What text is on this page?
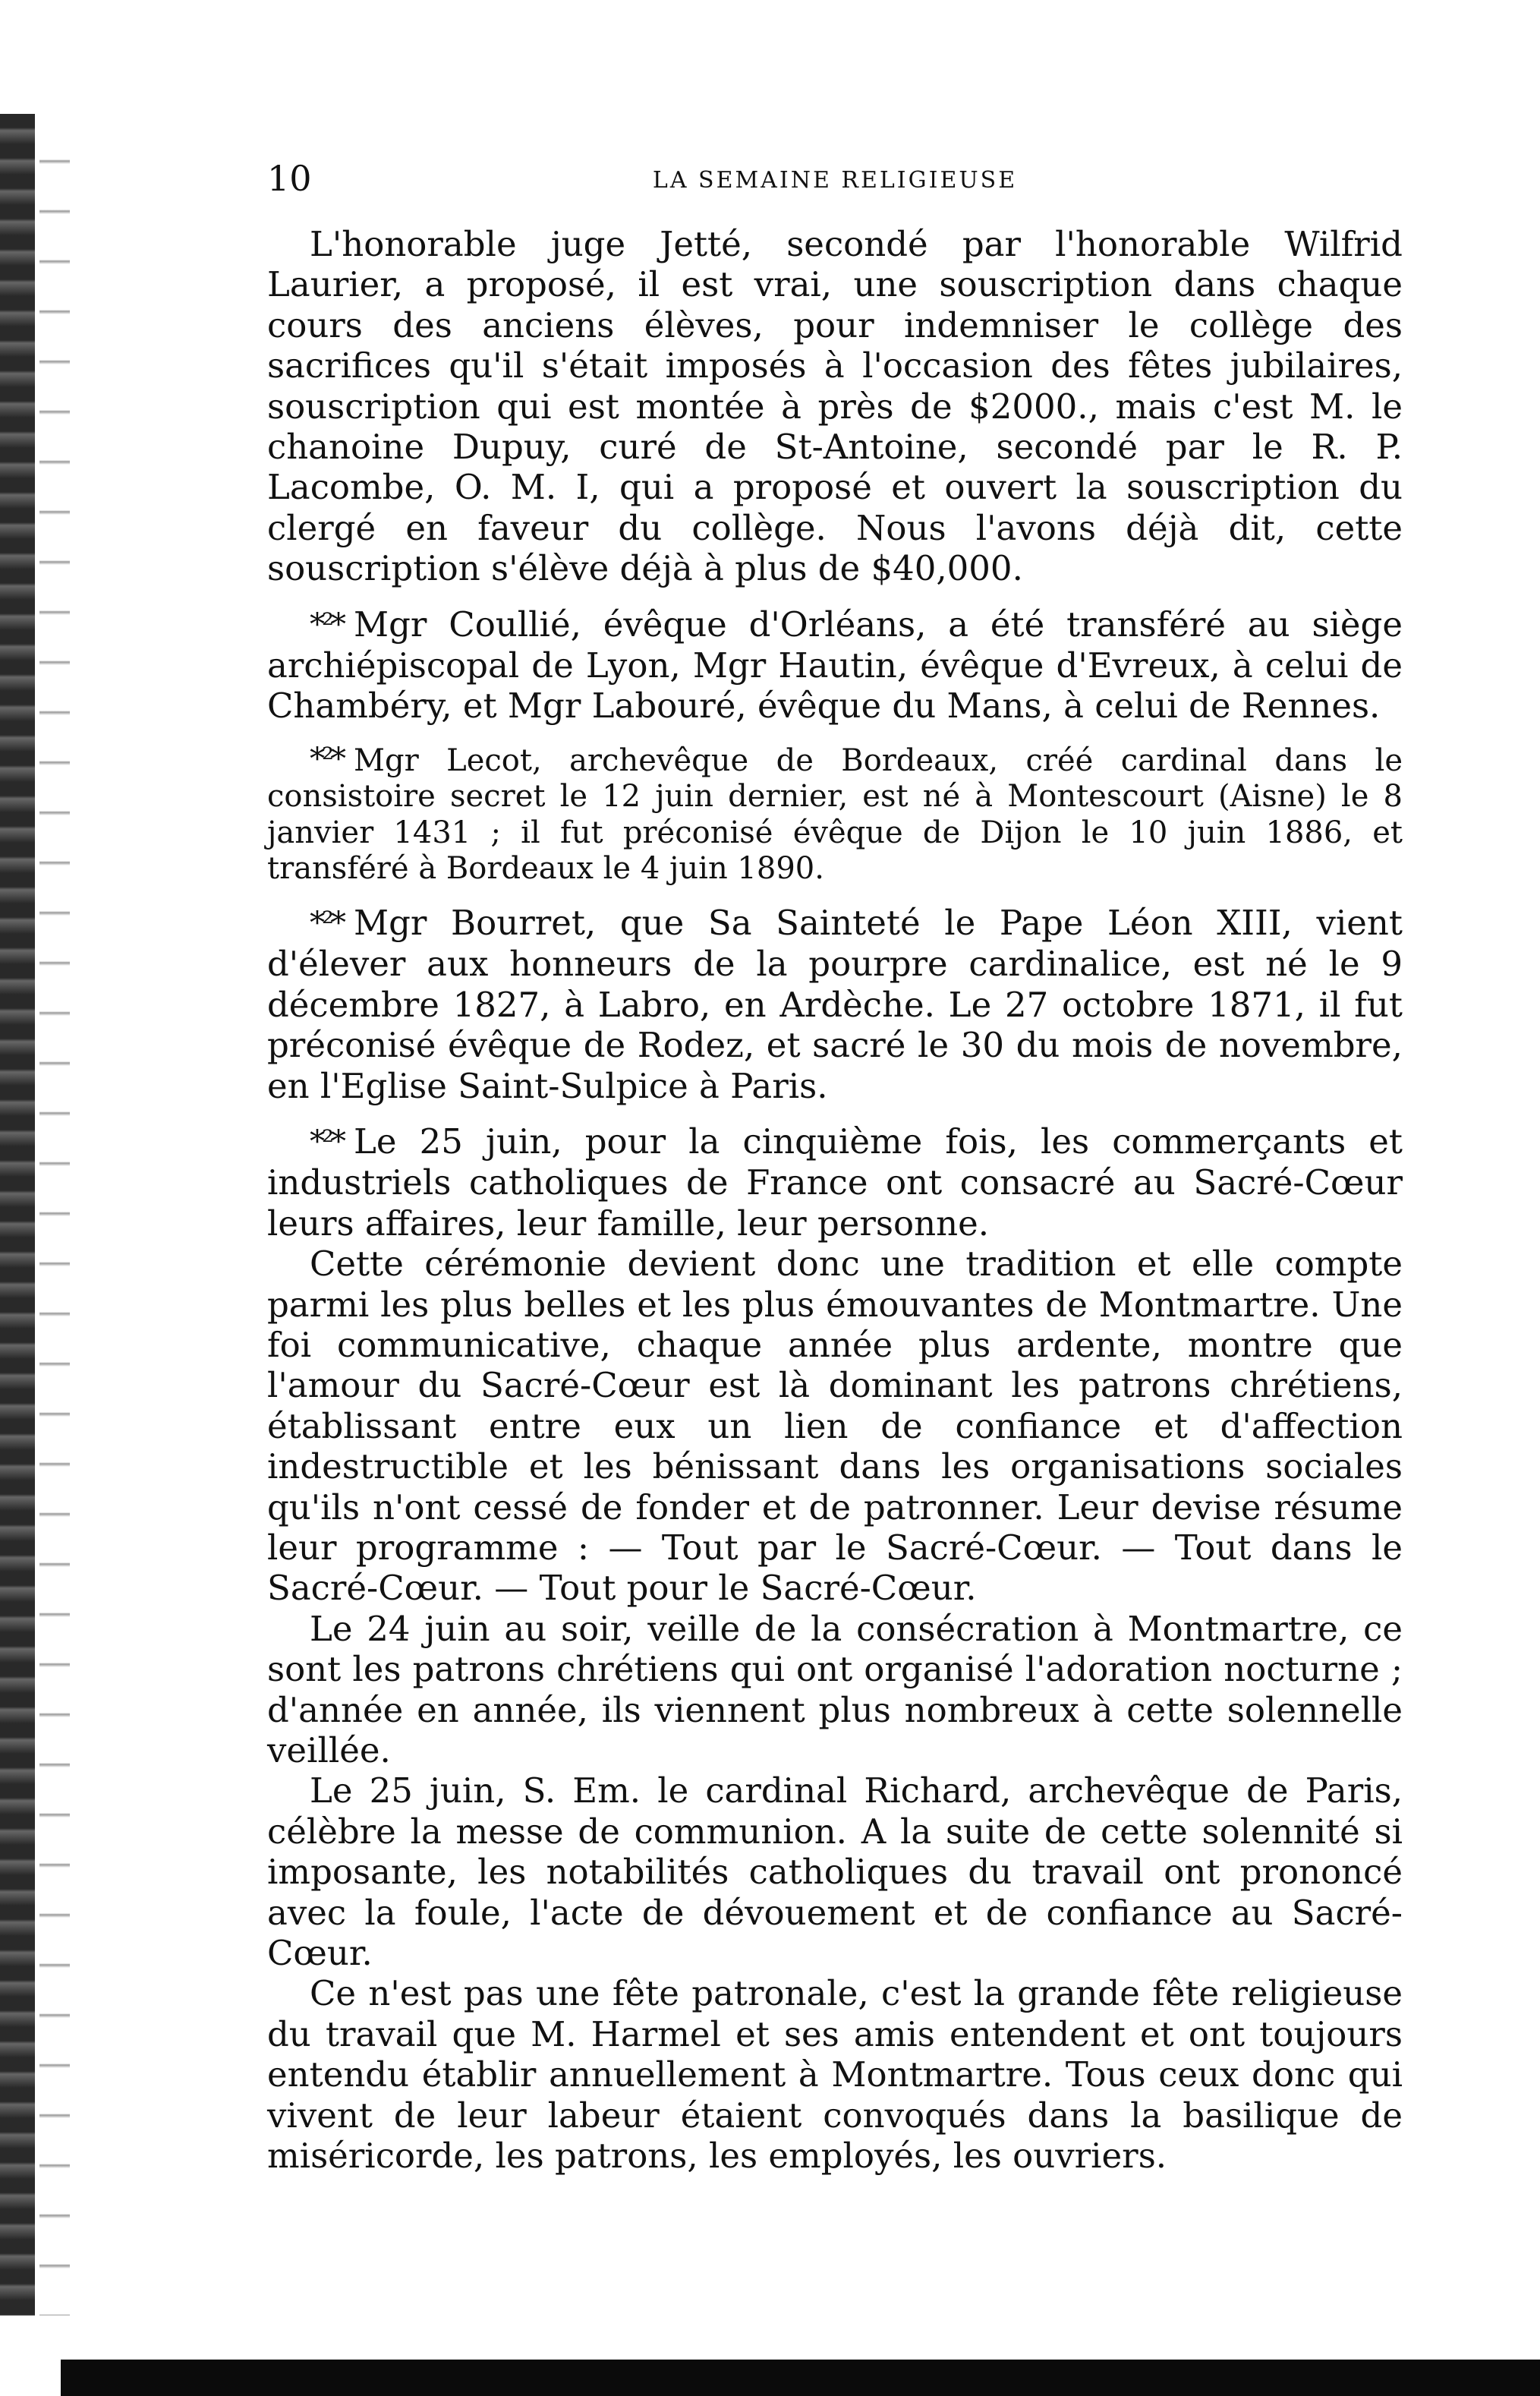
10	LA SEMAINE RELIGIEUSE

L'honorable juge Jetté, secondé par l'honorable Wilfrid Laurier, a proposé, il est vrai, une souscription dans chaque cours des anciens élèves, pour indemniser le collège des sacrifices qu'il s'était imposés à l'occasion des fêtes jubilaires, souscription qui est montée à près de $2000., mais c'est M. le chanoine Dupuy, curé de St-Antoine, secondé par le R. P. Lacombe, O. M. I, qui a proposé et ouvert la souscription du clergé en faveur du collège. Nous l'avons déjà dit, cette souscription s'élève déjà à plus de $40,000.

*²* Mgr Coullié, évêque d'Orléans, a été transféré au siège archiépiscopal de Lyon, Mgr Hautin, évêque d'Evreux, à celui de Chambéry, et Mgr Labouré, évêque du Mans, à celui de Rennes.

*²* Mgr Lecot, archevêque de Bordeaux, créé cardinal dans le consistoire secret le 12 juin dernier, est né à Montescourt (Aisne) le 8 janvier 1431 ; il fut préconisé évêque de Dijon le 10 juin 1886, et transféré à Bordeaux le 4 juin 1890.

*²* Mgr Bourret, que Sa Sainteté le Pape Léon XIII, vient d'élever aux honneurs de la pourpre cardinalice, est né le 9 décembre 1827, à Labro, en Ardèche. Le 27 octobre 1871, il fut préconisé évêque de Rodez, et sacré le 30 du mois de novembre, en l'Eglise Saint-Sulpice à Paris.

*²* Le 25 juin, pour la cinquième fois, les commerçants et industriels catholiques de France ont consacré au Sacré-Cœur leurs affaires, leur famille, leur personne.

Cette cérémonie devient donc une tradition et elle compte parmi les plus belles et les plus émouvantes de Montmartre. Une foi communicative, chaque année plus ardente, montre que l'amour du Sacré-Cœur est là dominant les patrons chrétiens, établissant entre eux un lien de confiance et d'affection indestructible et les bénissant dans les organisations sociales qu'ils n'ont cessé de fonder et de patronner. Leur devise résume leur programme : — Tout par le Sacré-Cœur. — Tout dans le Sacré-Cœur. — Tout pour le Sacré-Cœur.

Le 24 juin au soir, veille de la consécration à Montmartre, ce sont les patrons chrétiens qui ont organisé l'adoration nocturne ; d'année en année, ils viennent plus nombreux à cette solennelle veillée.

Le 25 juin, S. Em. le cardinal Richard, archevêque de Paris, célèbre la messe de communion. A la suite de cette solennité si imposante, les notabilités catholiques du travail ont prononcé avec la foule, l'acte de dévouement et de confiance au Sacré-Cœur.

Ce n'est pas une fête patronale, c'est la grande fête religieuse du travail que M. Harmel et ses amis entendent et ont toujours entendu établir annuellement à Montmartre. Tous ceux donc qui vivent de leur labeur étaient convoqués dans la basilique de miséricorde, les patrons, les employés, les ouvriers.
